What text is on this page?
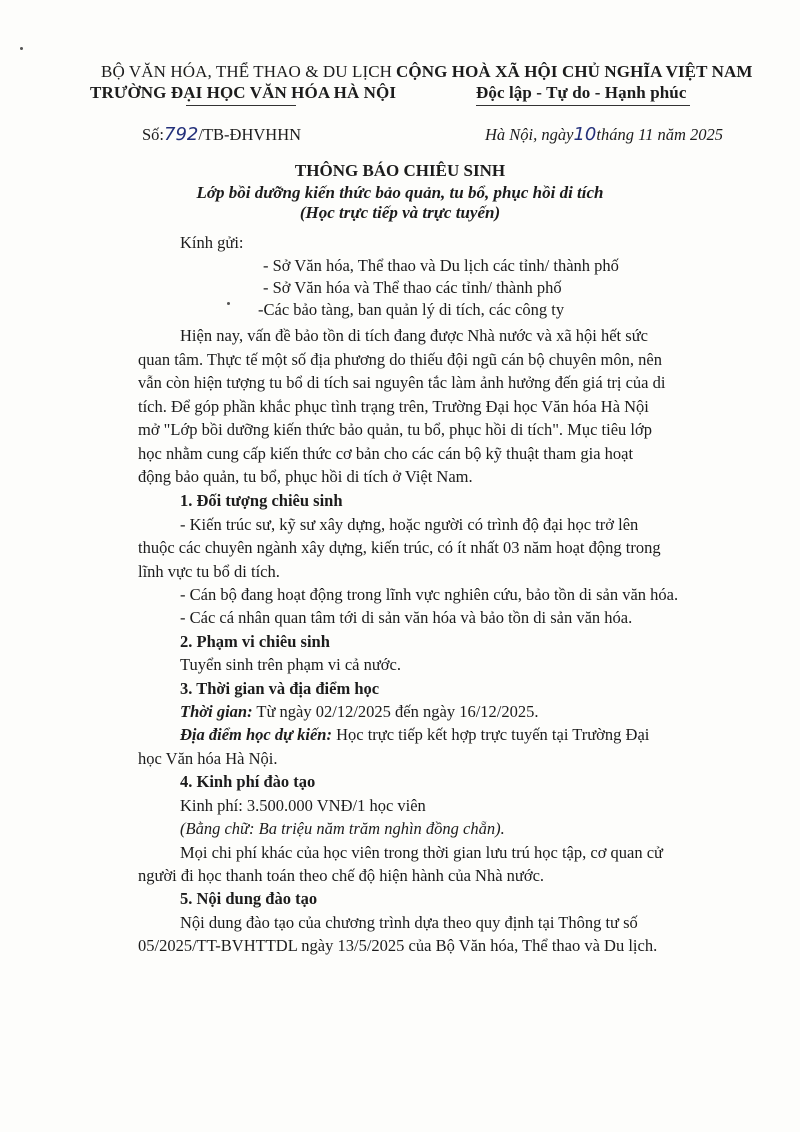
BỘ VĂN HÓA, THỂ THAO & DU LỊCH
TRƯỜNG ĐẠI HỌC VĂN HÓA HÀ NỘI
CỘNG HOÀ XÃ HỘI CHỦ NGHĨA VIỆT NAM
Độc lập - Tự do - Hạnh phúc
Số:792/TB-ĐHVHHN	Hà Nội, ngày10tháng 11 năm 2025
THÔNG BÁO CHIÊU SINH
Lớp bồi dưỡng kiến thức bảo quản, tu bổ, phục hồi di tích
(Học trực tiếp và trực tuyến)
Kính gửi:
- Sở Văn hóa, Thể thao và Du lịch các tỉnh/ thành phố
- Sở Văn hóa và Thể thao các tỉnh/ thành phố
-Các bảo tàng, ban quản lý di tích, các công ty
Hiện nay, vấn đề bảo tồn di tích đang được Nhà nước và xã hội hết sức
quan tâm. Thực tế một số địa phương do thiếu đội ngũ cán bộ chuyên môn, nên
vẫn còn hiện tượng tu bổ di tích sai nguyên tắc làm ảnh hưởng đến giá trị của di
tích. Để góp phần khắc phục tình trạng trên, Trường Đại học Văn hóa Hà Nội
mở "Lớp bồi dưỡng kiến thức bảo quản, tu bổ, phục hồi di tích". Mục tiêu lớp
học nhằm cung cấp kiến thức cơ bản cho các cán bộ kỹ thuật tham gia hoạt
động bảo quản, tu bổ, phục hồi di tích ở Việt Nam.
1. Đối tượng chiêu sinh
- Kiến trúc sư, kỹ sư xây dựng, hoặc người có trình độ đại học trở lên
thuộc các chuyên ngành xây dựng, kiến trúc, có ít nhất 03 năm hoạt động trong
lĩnh vực tu bổ di tích.
- Cán bộ đang hoạt động trong lĩnh vực nghiên cứu, bảo tồn di sản văn hóa.
- Các cá nhân quan tâm tới di sản văn hóa và bảo tồn di sản văn hóa.
2. Phạm vi chiêu sinh
Tuyển sinh trên phạm vi cả nước.
3. Thời gian và địa điểm học
Thời gian: Từ ngày 02/12/2025 đến ngày 16/12/2025.
Địa điểm học dự kiến: Học trực tiếp kết hợp trực tuyến tại Trường Đại
học Văn hóa Hà Nội.
4. Kinh phí đào tạo
Kinh phí: 3.500.000 VNĐ/1 học viên
(Bằng chữ: Ba triệu năm trăm nghìn đồng chẵn).
Mọi chi phí khác của học viên trong thời gian lưu trú học tập, cơ quan cử
người đi học thanh toán theo chế độ hiện hành của Nhà nước.
5. Nội dung đào tạo
Nội dung đào tạo của chương trình dựa theo quy định tại Thông tư số
05/2025/TT-BVHTTDL ngày 13/5/2025 của Bộ Văn hóa, Thể thao và Du lịch.
